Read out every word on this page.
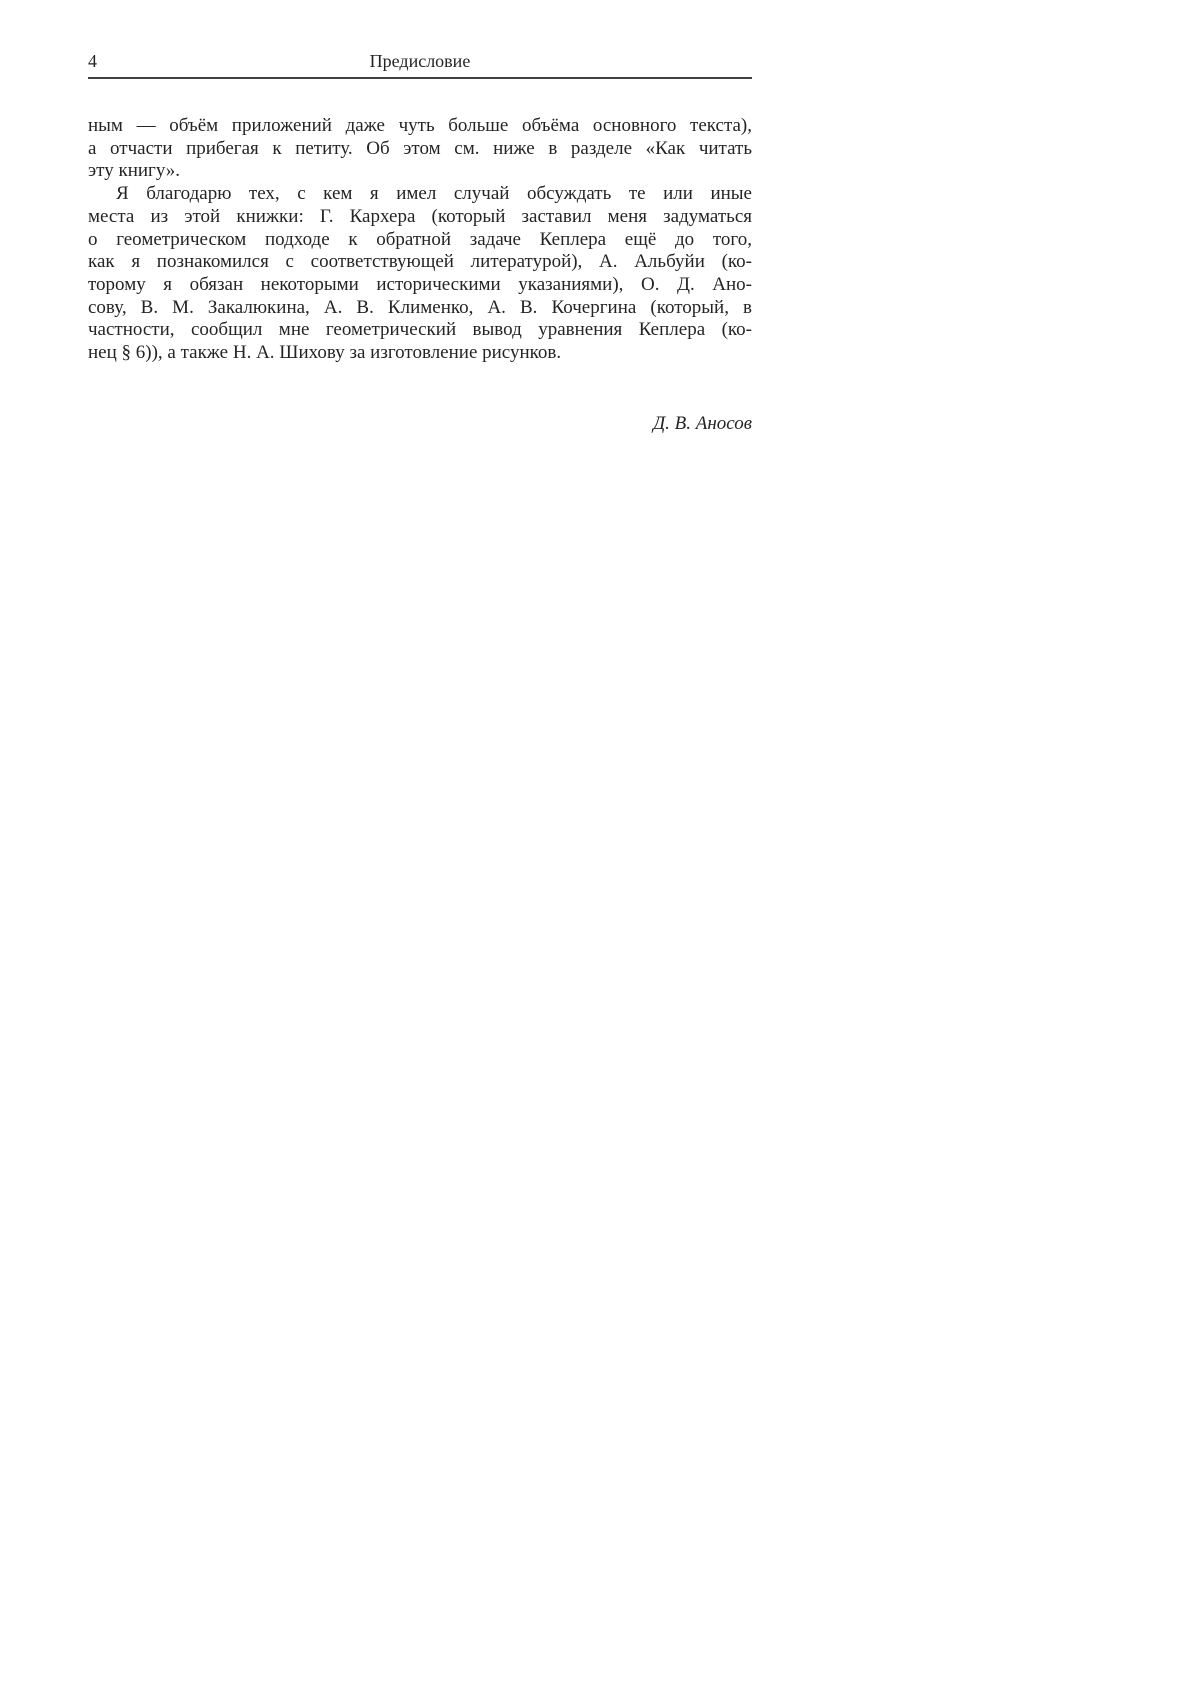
4	Предисловие
ным — объём приложений даже чуть больше объёма основного текста),
а отчасти прибегая к петиту. Об этом см. ниже в разделе «Как читать
эту книгу».
Я благодарю тех, с кем я имел случай обсуждать те или иные
места из этой книжки: Г. Кархера (который заставил меня задуматься
о геометрическом подходе к обратной задаче Кеплера ещё до того,
как я познакомился с соответствующей литературой), А. Альбуйи (ко-
торому я обязан некоторыми историческими указаниями), О. Д. Ано-
сову, В. М. Закалюкина, А. В. Клименко, А. В. Кочергина (который, в
частности, сообщил мне геометрический вывод уравнения Кеплера (ко-
нец § 6)), а также Н. А. Шихову за изготовление рисунков.
Д. В. Аносов
